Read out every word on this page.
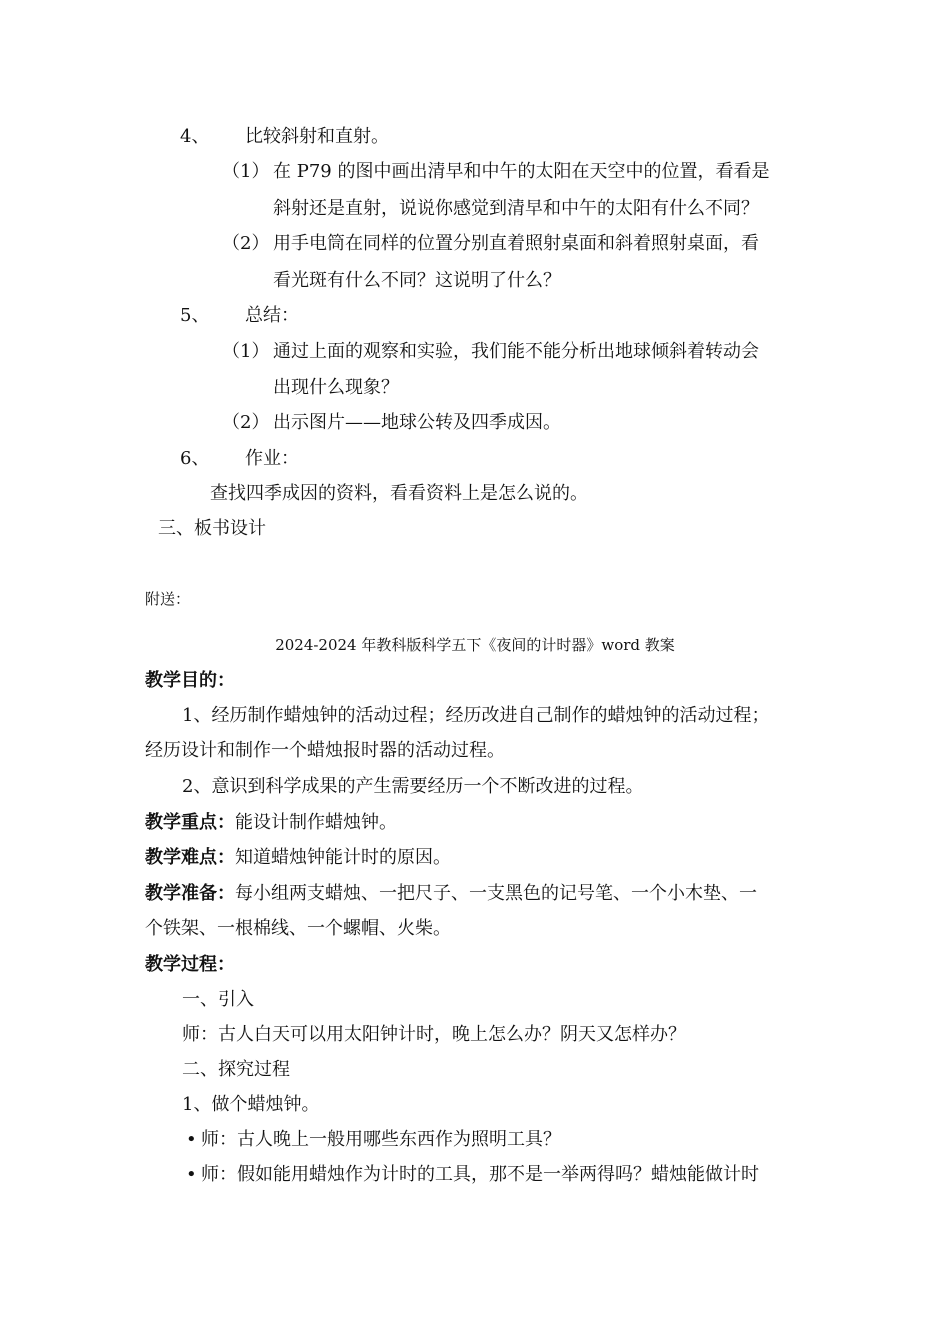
4、 比较斜射和直射。
（1） 在 P79 的图中画出清早和中午的太阳在天空中的位置，看看是
斜射还是直射，说说你感觉到清早和中午的太阳有什么不同？
（2） 用手电筒在同样的位置分别直着照射桌面和斜着照射桌面，看
看光斑有什么不同？这说明了什么？
5、 总结：
（1） 通过上面的观察和实验，我们能不能分析出地球倾斜着转动会
出现什么现象？
（2） 出示图片——地球公转及四季成因。
6、 作业：
查找四季成因的资料，看看资料上是怎么说的。
三、板书设计
附送：
2024-2024 年教科版科学五下《夜间的计时器》word 教案
教学目的：
1、经历制作蜡烛钟的活动过程；经历改进自己制作的蜡烛钟的活动过程；
经历设计和制作一个蜡烛报时器的活动过程。
2、意识到科学成果的产生需要经历一个不断改进的过程。
教学重点：能设计制作蜡烛钟。
教学难点：知道蜡烛钟能计时的原因。
教学准备：每小组两支蜡烛、一把尺子、一支黑色的记号笔、一个小木垫、一
个铁架、一根棉线、一个螺帽、火柴。
教学过程：
一、引入
师：古人白天可以用太阳钟计时，晚上怎么办？阴天又怎样办？
二、探究过程
1、做个蜡烛钟。
• 师：古人晚上一般用哪些东西作为照明工具？
• 师：假如能用蜡烛作为计时的工具，那不是一举两得吗？蜡烛能做计时
